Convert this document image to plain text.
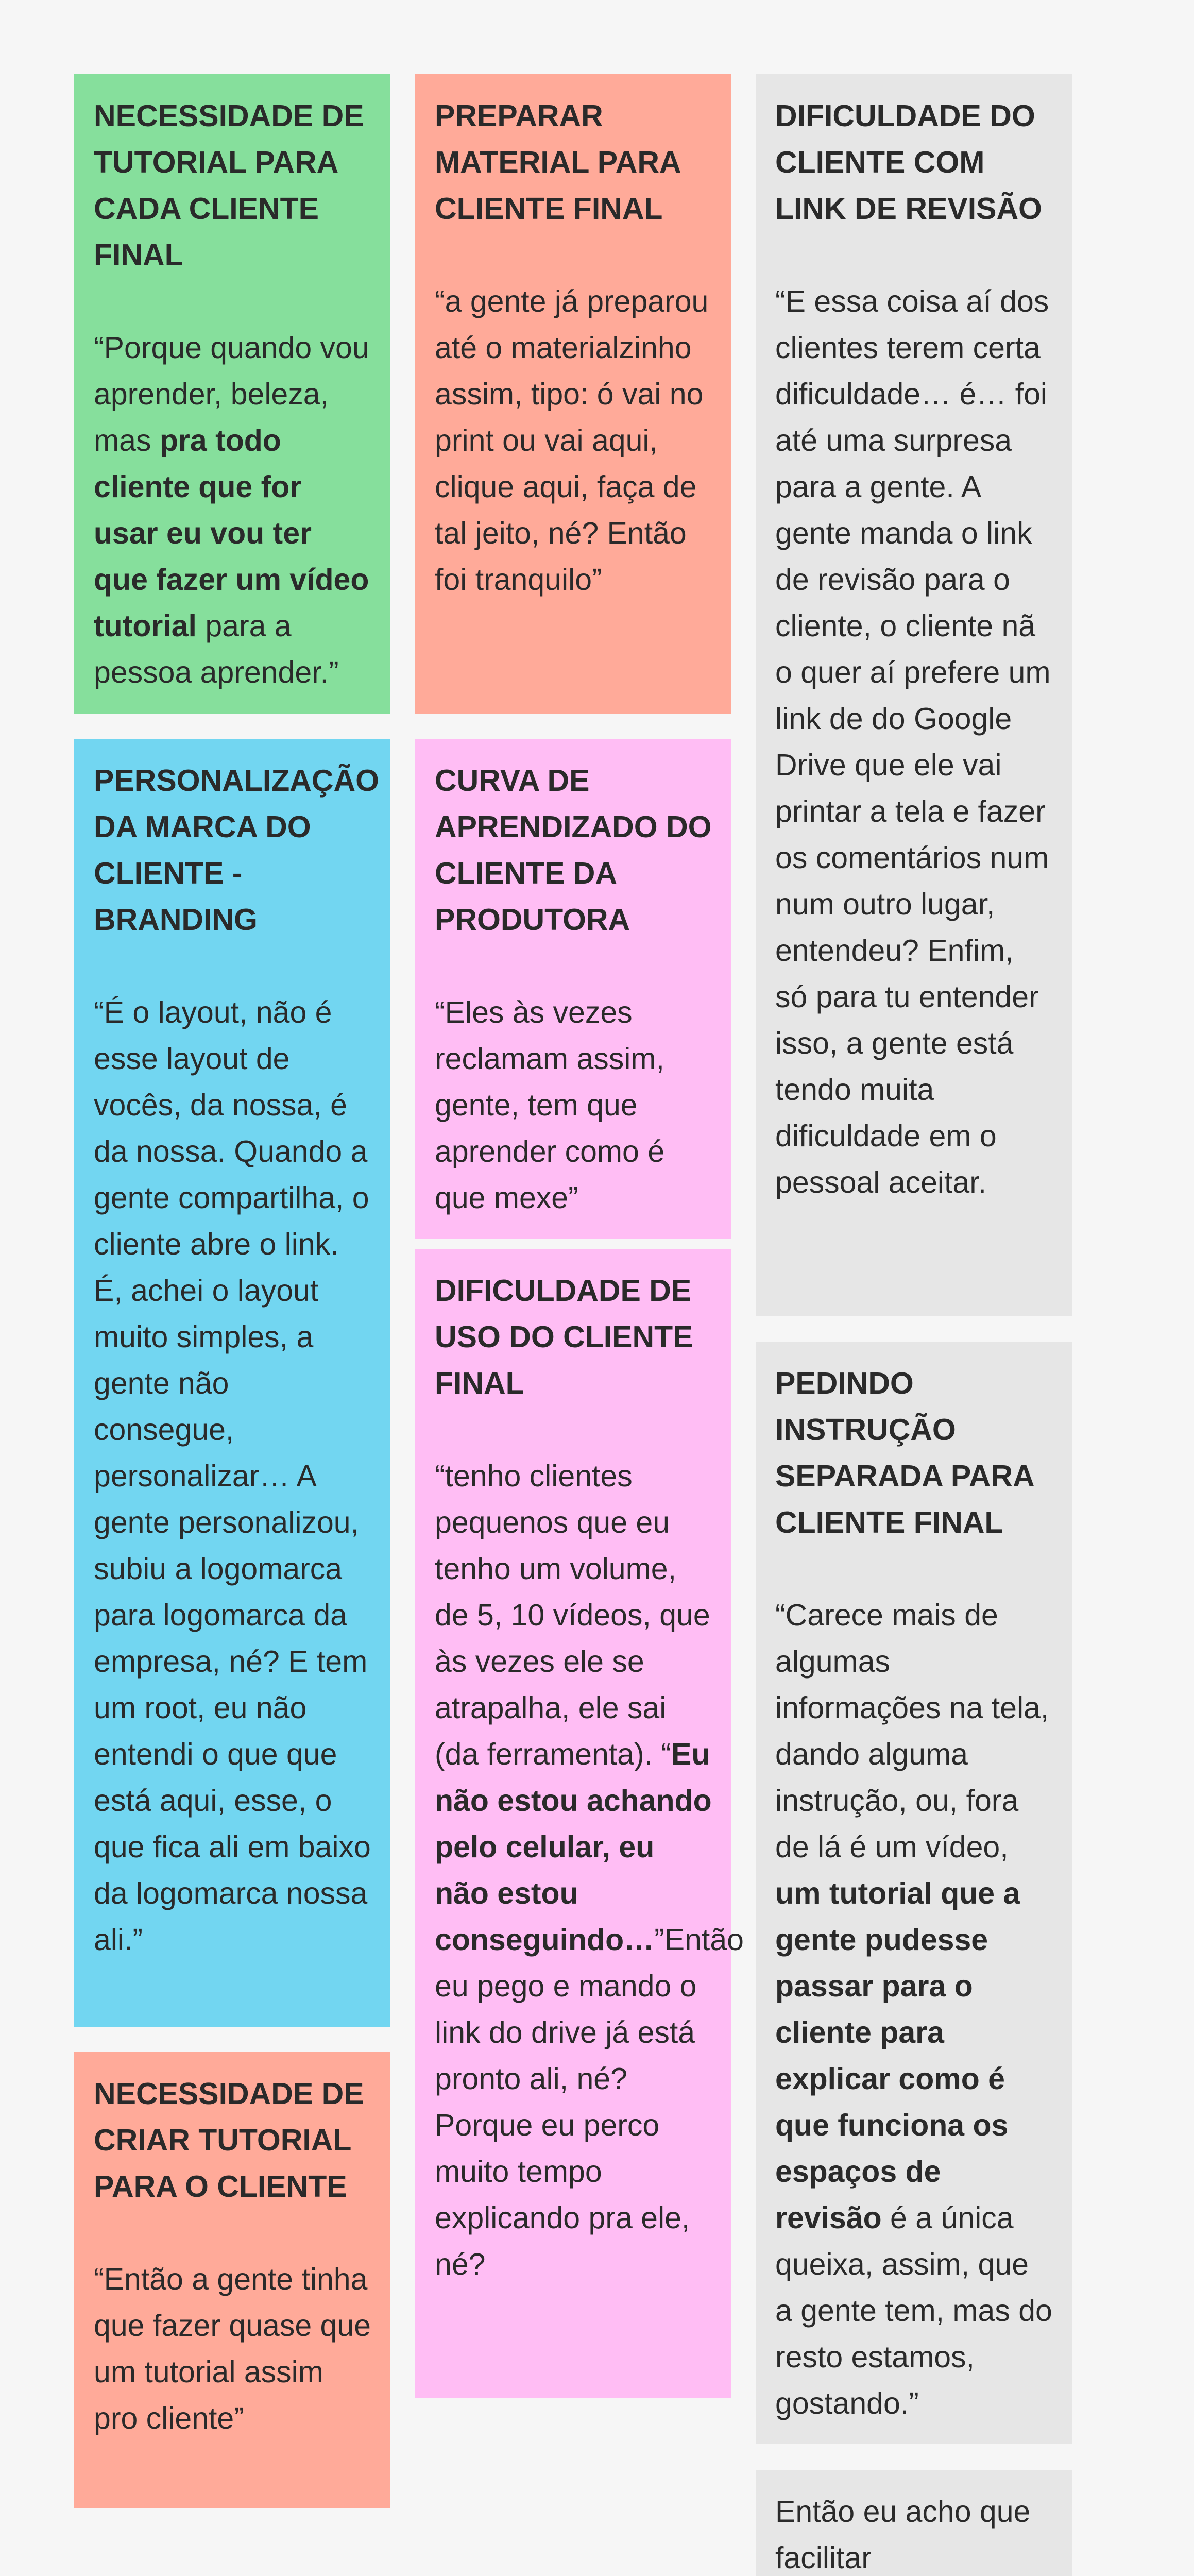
NECESSIDADE DE TUTORIAL PARA CADA CLIENTE FINAL

“Porque quando vou aprender, beleza, mas pra todo cliente que for usar eu vou ter que fazer um vídeo tutorial para a pessoa aprender.”

PERSONALIZAÇÃO DA MARCA DO CLIENTE - BRANDING

“É o layout, não é esse layout de vocês, da nossa, é da nossa. Quando a gente compartilha, o cliente abre o link. É, achei o layout muito simples, a gente não consegue, personalizar… A gente personalizou, subiu a logomarca para logomarca da empresa, né? E tem um root, eu não entendi o que que está aqui, esse, o que fica ali em baixo da logomarca nossa ali.”

NECESSIDADE DE CRIAR TUTORIAL PARA O CLIENTE

“Então a gente tinha que fazer quase que um tutorial assim pro cliente”

PREPARAR MATERIAL PARA CLIENTE FINAL

“a gente já preparou até o materialzinho assim, tipo: ó vai no print ou vai aqui, clique aqui, faça de tal jeito, né? Então foi tranquilo”

CURVA DE APRENDIZADO DO CLIENTE DA PRODUTORA

“Eles às vezes reclamam assim, gente, tem que aprender como é que mexe”

DIFICULDADE DE USO DO CLIENTE FINAL

“tenho clientes pequenos que eu tenho um volume, de 5, 10 vídeos, que às vezes ele se atrapalha, ele sai (da ferramenta). “Eu não estou achando pelo celular, eu não estou conseguindo…”Então eu pego e mando o link do drive já está pronto ali, né? Porque eu perco muito tempo explicando pra ele, né?

DIFICULDADE DO CLIENTE COM LINK DE REVISÃO

“E essa coisa aí dos clientes terem certa dificuldade… é… foi até uma surpresa para a gente. A gente manda o link de revisão para o cliente, o cliente nã o quer aí prefere um link de do Google Drive que ele vai printar a tela e fazer os comentários num num outro lugar, entendeu? Enfim, só para tu entender isso, a gente está tendo muita dificuldade em o pessoal aceitar.

PEDINDO INSTRUÇÃO SEPARADA PARA CLIENTE FINAL

“Carece mais de algumas informações na tela, dando alguma instrução, ou, fora de lá é um vídeo, um tutorial que a gente pudesse passar para o cliente para explicar como é que funciona os espaços de revisão é a única queixa, assim, que a gente tem, mas do resto estamos, gostando.”

Então eu acho que facilitar
